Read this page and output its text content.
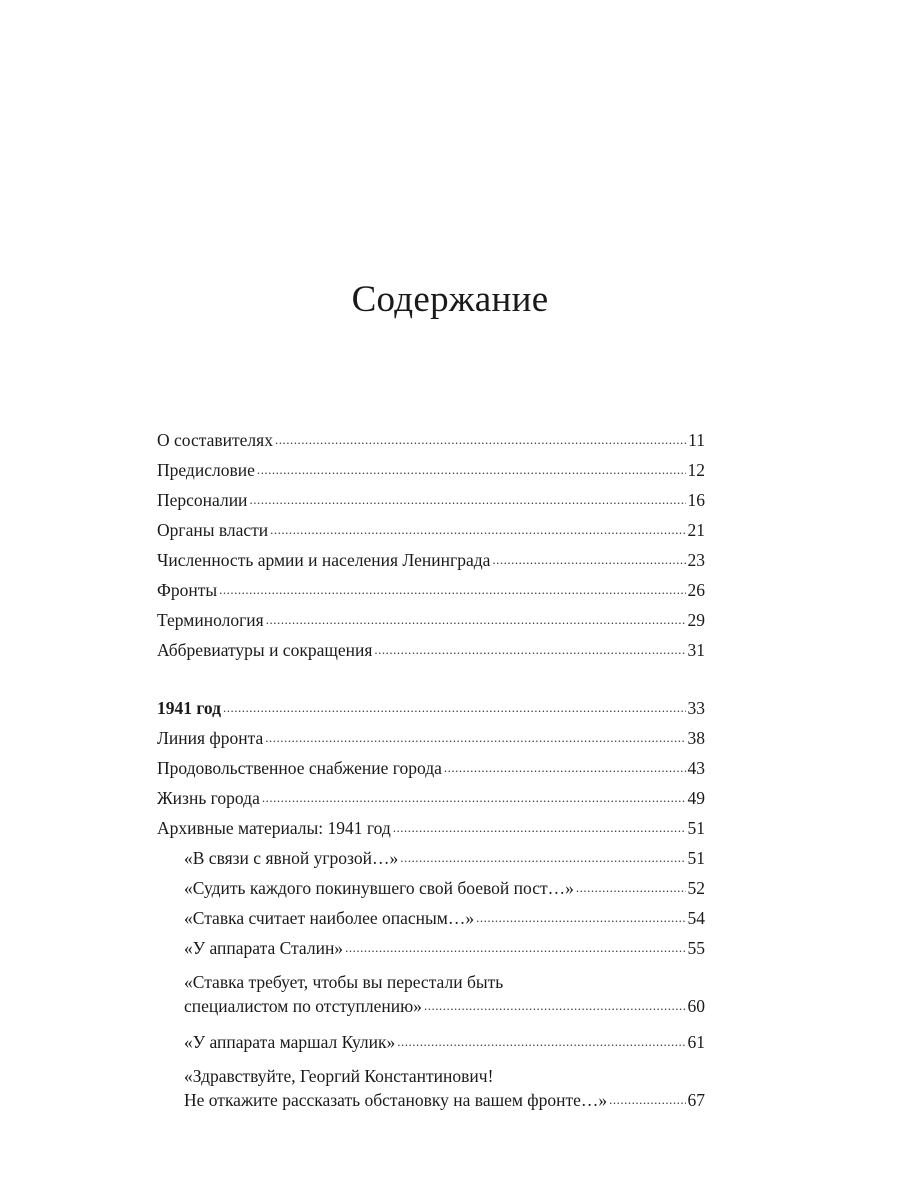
Содержание
О составителях .....	11
Предисловие .....	12
Персоналии .....	16
Органы власти .....	21
Численность армии и населения Ленинграда .....	23
Фронты .....	26
Терминология .....	29
Аббревиатуры и сокращения .....	31
1941 год .....	33
Линия фронта .....	38
Продовольственное снабжение города .....	43
Жизнь города .....	49
Архивные материалы: 1941 год .....	51
«В связи с явной угрозой…» .....	51
«Судить каждого покинувшего свой боевой пост…» .....	52
«Ставка считает наиболее опасным…» .....	54
«У аппарата Сталин» .....	55
«Ставка требует, чтобы вы перестали быть
специалистом по отступлению» .....	60
«У аппарата маршал Кулик» .....	61
«Здравствуйте, Георгий Константинович!
Не откажите рассказать обстановку на вашем фронте…» .....	67
